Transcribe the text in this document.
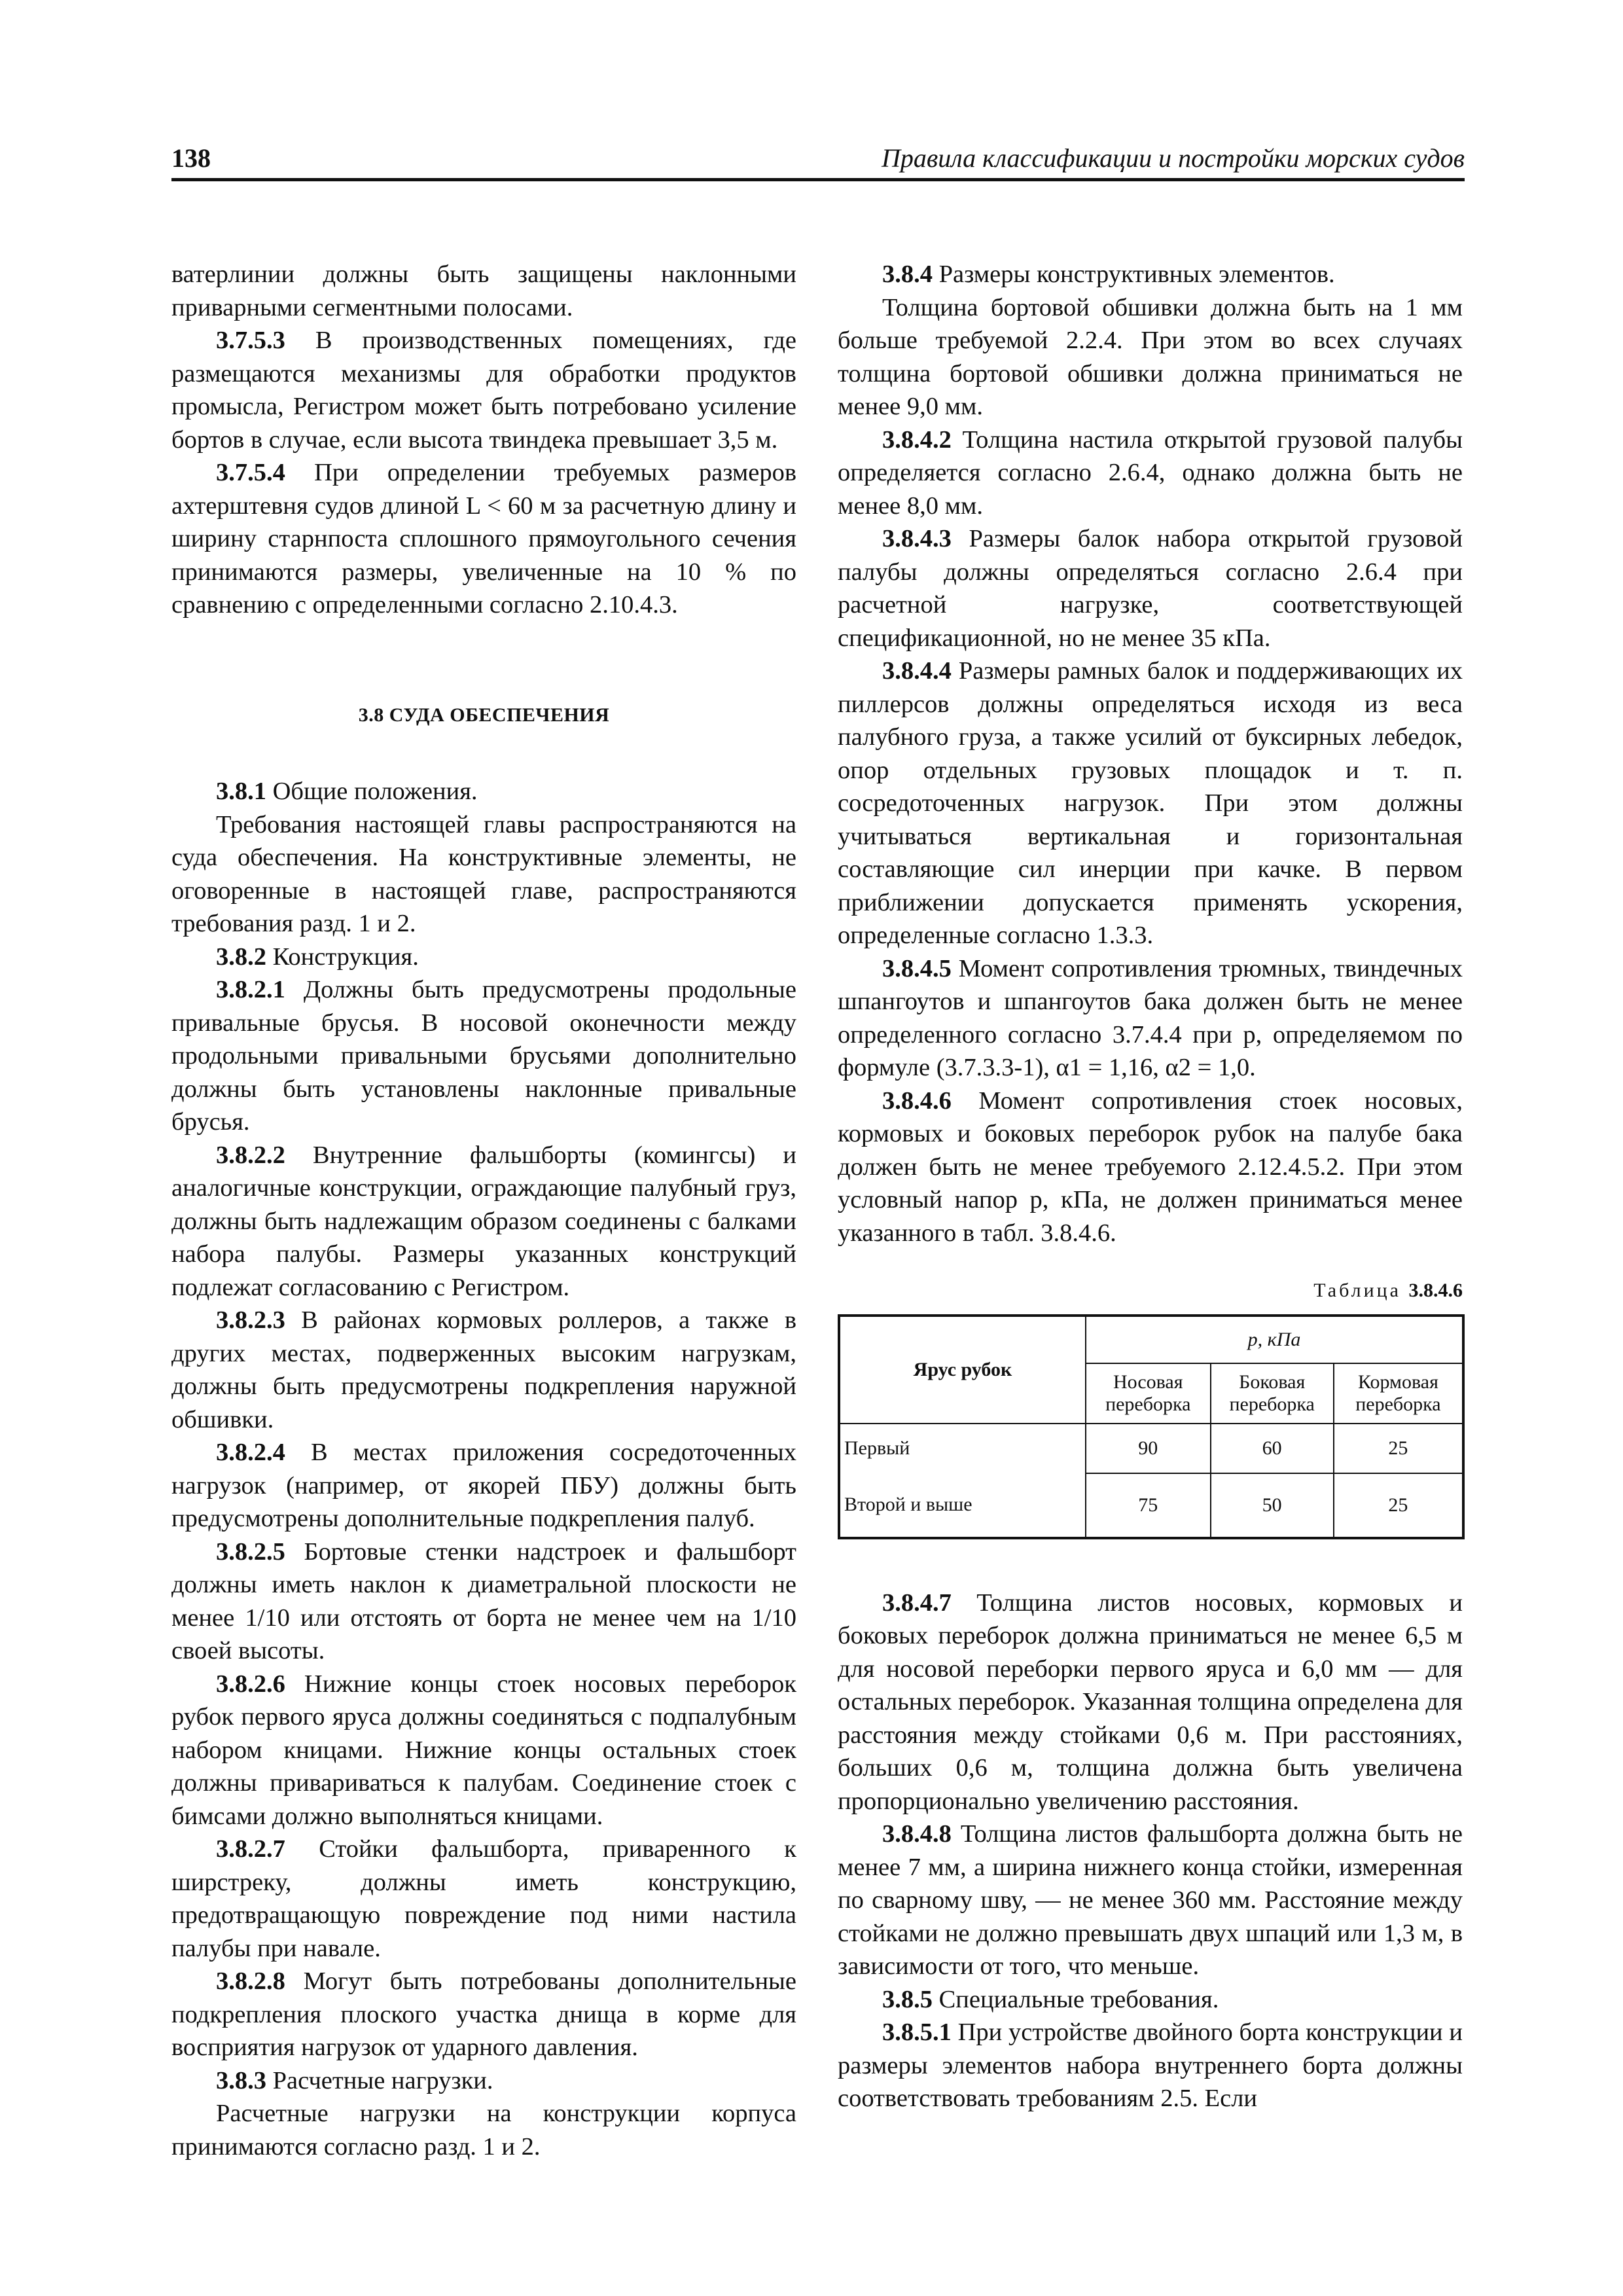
138	Правила классификации и постройки морских судов

ватерлинии должны быть защищены наклонными приварными сегментными полосами.

3.7.5.3 В производственных помещениях, где размещаются механизмы для обработки продуктов промысла, Регистром может быть потребовано усиление бортов в случае, если высота твиндека превышает 3,5 м.

3.7.5.4 При определении требуемых размеров ахтерштевня судов длиной L < 60 м за расчетную длину и ширину старнпоста сплошного прямоугольного сечения принимаются размеры, увеличенные на 10 % по сравнению с определенными согласно 2.10.4.3.

3.8 СУДА ОБЕСПЕЧЕНИЯ

3.8.1 Общие положения.

Требования настоящей главы распространяются на суда обеспечения. На конструктивные элементы, не оговоренные в настоящей главе, распространяются требования разд. 1 и 2.

3.8.2 Конструкция.

3.8.2.1 Должны быть предусмотрены продольные привальные брусья. В носовой оконечности между продольными привальными брусьями дополнительно должны быть установлены наклонные привальные брусья.

3.8.2.2 Внутренние фальшборты (комингсы) и аналогичные конструкции, ограждающие палубный груз, должны быть надлежащим образом соединены с балками набора палубы. Размеры указанных конструкций подлежат согласованию с Регистром.

3.8.2.3 В районах кормовых роллеров, а также в других местах, подверженных высоким нагрузкам, должны быть предусмотрены подкрепления наружной обшивки.

3.8.2.4 В местах приложения сосредоточенных нагрузок (например, от якорей ПБУ) должны быть предусмотрены дополнительные подкрепления палуб.

3.8.2.5 Бортовые стенки надстроек и фальшборт должны иметь наклон к диаметральной плоскости не менее 1/10 или отстоять от борта не менее чем на 1/10 своей высоты.

3.8.2.6 Нижние концы стоек носовых переборок рубок первого яруса должны соединяться с подпалубным набором кницами. Нижние концы остальных стоек должны привариваться к палубам. Соединение стоек с бимсами должно выполняться кницами.

3.8.2.7 Стойки фальшборта, приваренного к ширстреку, должны иметь конструкцию, предотвращающую повреждение под ними настила палубы при навале.

3.8.2.8 Могут быть потребованы дополнительные подкрепления плоского участка днища в корме для восприятия нагрузок от ударного давления.

3.8.3 Расчетные нагрузки.

Расчетные нагрузки на конструкции корпуса принимаются согласно разд. 1 и 2.

3.8.4 Размеры конструктивных элементов.

Толщина бортовой обшивки должна быть на 1 мм больше требуемой 2.2.4. При этом во всех случаях толщина бортовой обшивки должна приниматься не менее 9,0 мм.

3.8.4.2 Толщина настила открытой грузовой палубы определяется согласно 2.6.4, однако должна быть не менее 8,0 мм.

3.8.4.3 Размеры балок набора открытой грузовой палубы должны определяться согласно 2.6.4 при расчетной нагрузке, соответствующей спецификационной, но не менее 35 кПа.

3.8.4.4 Размеры рамных балок и поддерживающих их пиллерсов должны определяться исходя из веса палубного груза, а также усилий от буксирных лебедок, опор отдельных грузовых площадок и т. п. сосредоточенных нагрузок. При этом должны учитываться вертикальная и горизонтальная составляющие сил инерции при качке. В первом приближении допускается применять ускорения, определенные согласно 1.3.3.

3.8.4.5 Момент сопротивления трюмных, твиндечных шпангоутов и шпангоутов бака должен быть не менее определенного согласно 3.7.4.4 при p, определяемом по формуле (3.7.3.3-1), α1 = 1,16, α2 = 1,0.

3.8.4.6 Момент сопротивления стоек носовых, кормовых и боковых переборок рубок на палубе бака должен быть не менее требуемого 2.12.4.5.2. При этом условный напор p, кПа, не должен приниматься менее указанного в табл. 3.8.4.6.

Таблица 3.8.4.6
Ярус рубок	p, кПа		
	Носовая переборка	Боковая переборка	Кормовая переборка
Первый	90	60	25
Второй и выше	75	50	25

3.8.4.7 Толщина листов носовых, кормовых и боковых переборок должна приниматься не менее 6,5 м для носовой переборки первого яруса и 6,0 мм — для остальных переборок. Указанная толщина определена для расстояния между стойками 0,6 м. При расстояниях, больших 0,6 м, толщина должна быть увеличена пропорционально увеличению расстояния.

3.8.4.8 Толщина листов фальшборта должна быть не менее 7 мм, а ширина нижнего конца стойки, измеренная по сварному шву, — не менее 360 мм. Расстояние между стойками не должно превышать двух шпаций или 1,3 м, в зависимости от того, что меньше.

3.8.5 Специальные требования.

3.8.5.1 При устройстве двойного борта конструкции и размеры элементов набора внутреннего борта должны соответствовать требованиям 2.5. Если
